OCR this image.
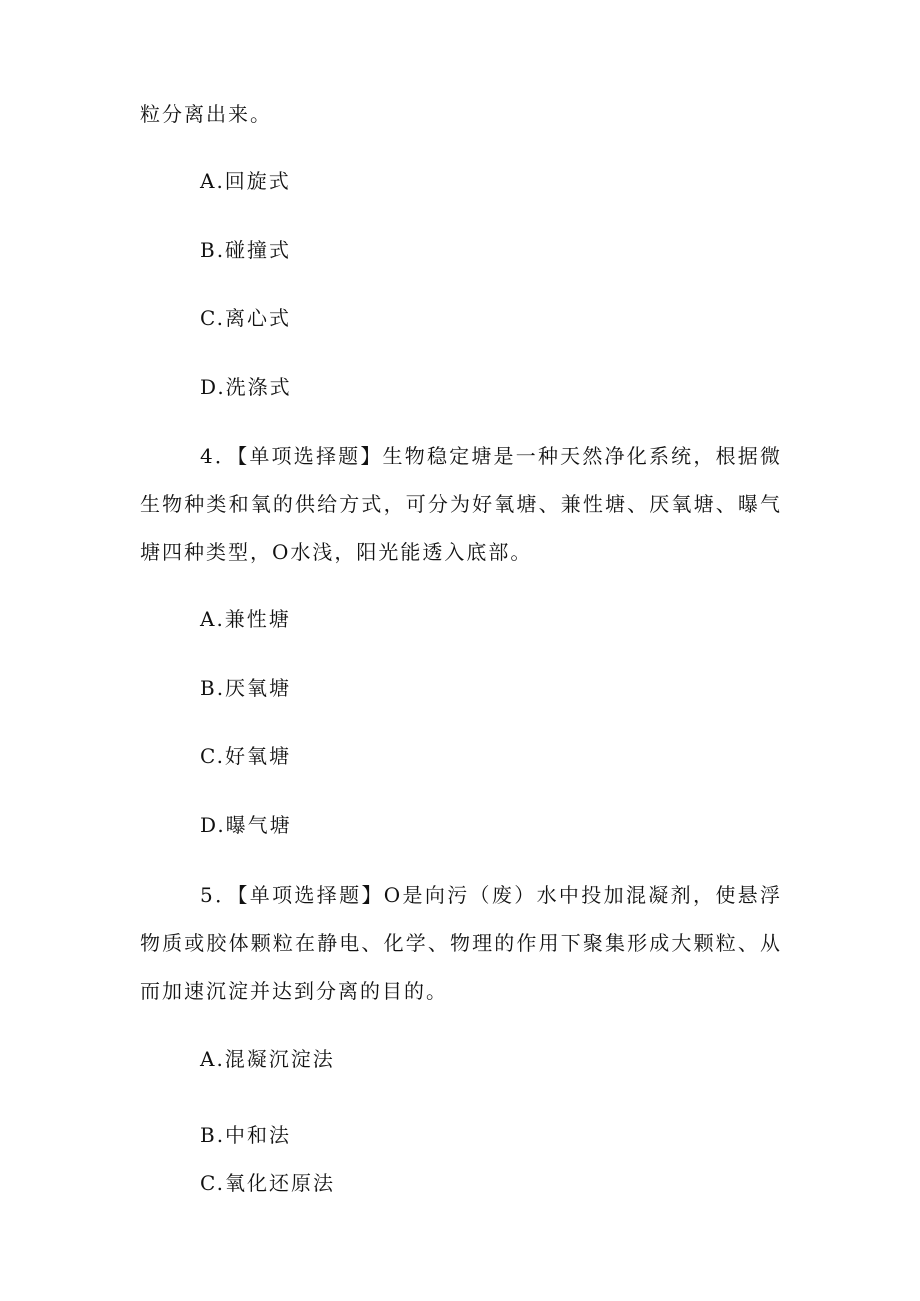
粒分离出来。
A.回旋式
B.碰撞式
C.离心式
D.洗涤式
4．【单项选择题】生物稳定塘是一种天然净化系统，根据微生物种类和氧的供给方式，可分为好氧塘、兼性塘、厌氧塘、曝气塘四种类型，O水浅，阳光能透入底部。
A.兼性塘
B.厌氧塘
C.好氧塘
D.曝气塘
5．【单项选择题】O是向污（废）水中投加混凝剂，使悬浮物质或胶体颗粒在静电、化学、物理的作用下聚集形成大颗粒、从而加速沉淀并达到分离的目的。
A.混凝沉淀法
B.中和法
C.氧化还原法
